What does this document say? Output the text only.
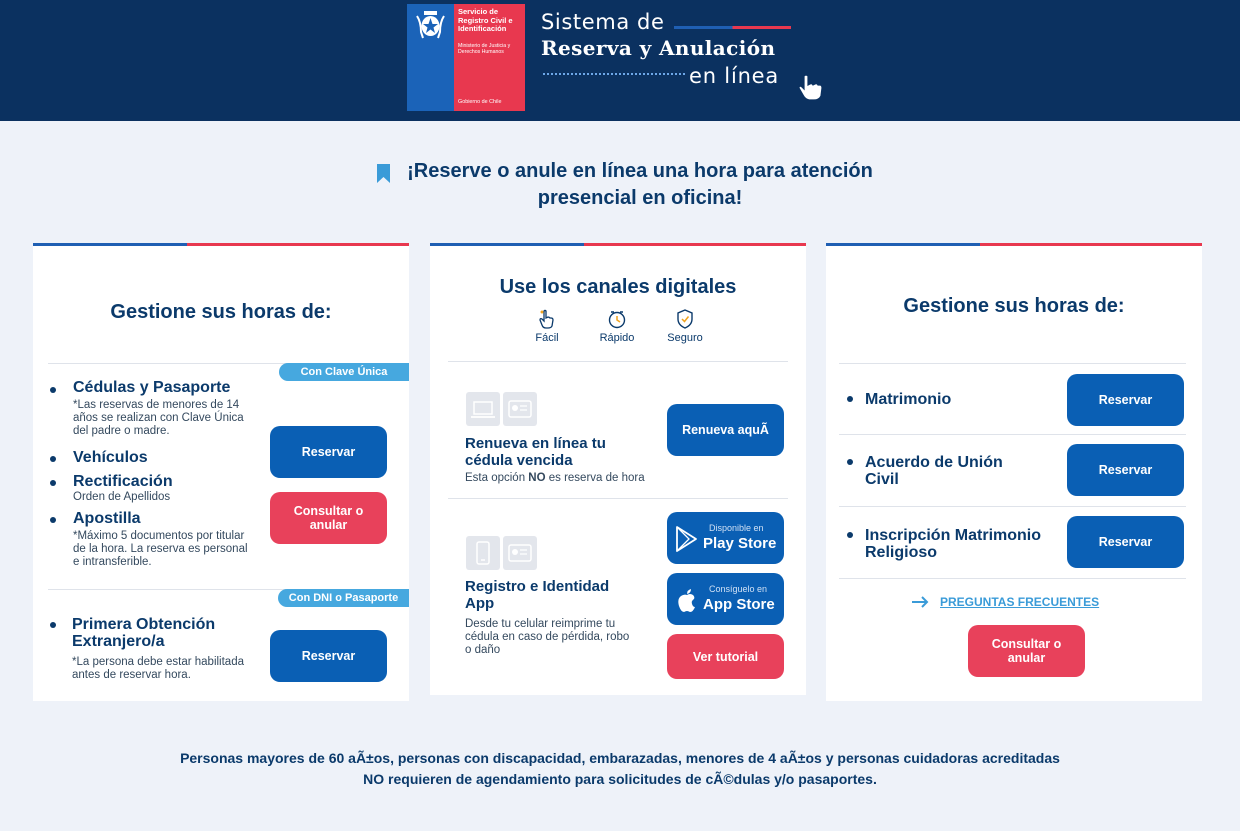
Servicio de Registro Civil e Identificación
Ministerio de Justicia y Derechos Humanos
Gobierno de Chile
Sistema de
Reserva y Anulación
en línea
¡Reserve o anule en línea una hora para atención
presencial en oficina!
Gestione sus horas de:
Con Clave Única
Cédulas y Pasaporte
*Las reservas de menores de 14 años se realizan con Clave Única del padre o madre.
Vehículos
Rectificación
Orden de Apellidos
Apostilla
*Máximo 5 documentos por titular de la hora. La reserva es personal e intransferible.
Reservar
Consultar o anular
Con DNI o Pasaporte
Primera Obtención Extranjero/a
*La persona debe estar habilitada antes de reservar hora.
Reservar
Use los canales digitales
Fácil	Rápido	Seguro
Renueva en línea tu cédula vencida
Esta opción NO es reserva de hora
Renueva aquÃ
Registro e Identidad App
Desde tu celular reimprime tu cédula en caso de pérdida, robo o daño
Disponible en
Play Store
Consíguelo en
App Store
Ver tutorial
Gestione sus horas de:
Matrimonio	Reservar
Acuerdo de Unión Civil
Reservar
Inscripción Matrimonio Religioso
Reservar
PREGUNTAS FRECUENTES
Consultar o anular
Personas mayores de 60 aÃ±os, personas con discapacidad, embarazadas, menores de 4 aÃ±os y personas cuidadoras acreditadas
NO requieren de agendamiento para solicitudes de cÃ©dulas y/o pasaportes.
